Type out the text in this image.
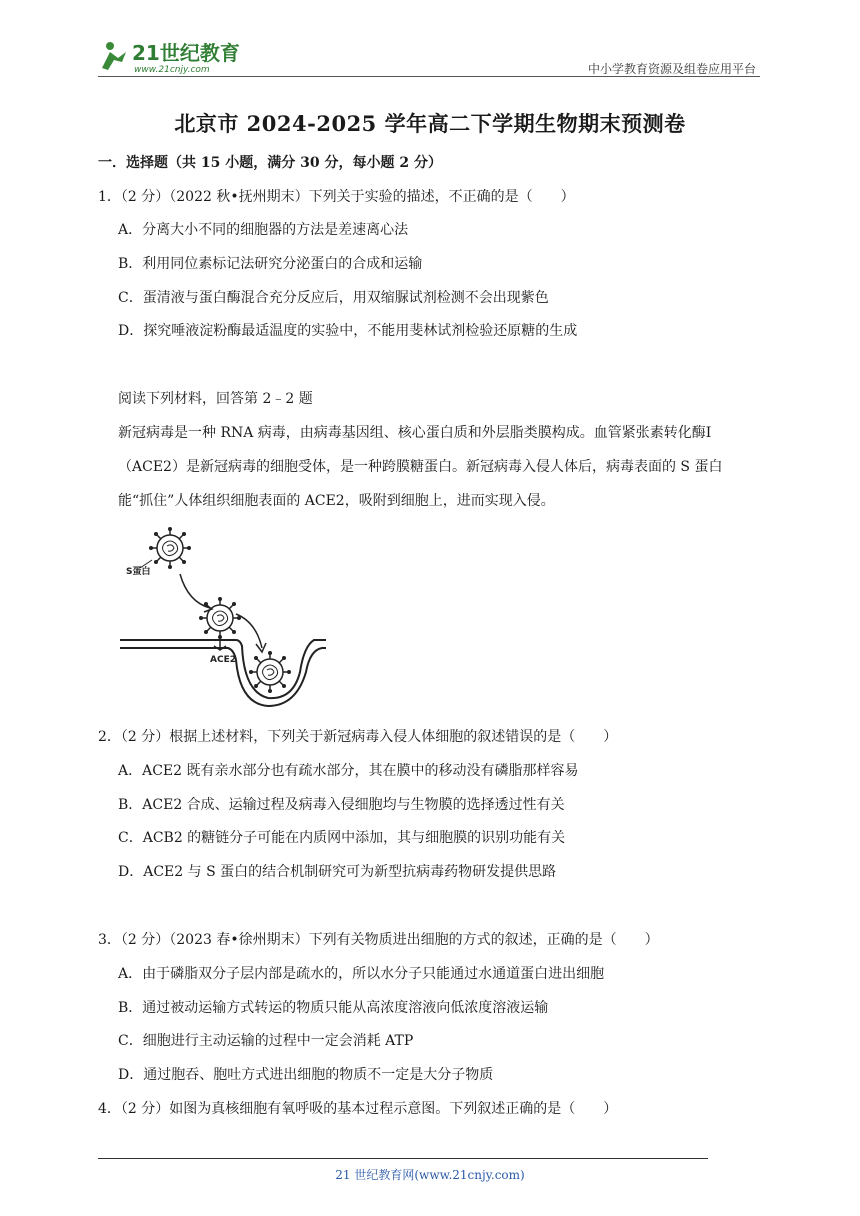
21世纪教育
www.21cnjy.com	中小学教育资源及组卷应用平台
北京市 2024-2025 学年高二下学期生物期末预测卷
一．选择题（共 15 小题，满分 30 分，每小题 2 分）
1．（2 分）（2022 秋•抚州期末）下列关于实验的描述，不正确的是（　　）
A．分离大小不同的细胞器的方法是差速离心法
B．利用同位素标记法研究分泌蛋白的合成和运输
C．蛋清液与蛋白酶混合充分反应后，用双缩脲试剂检测不会出现紫色
D．探究唾液淀粉酶最适温度的实验中，不能用斐林试剂检验还原糖的生成
阅读下列材料，回答第 2﹣2 题
新冠病毒是一种 RNA 病毒，由病毒基因组、核心蛋白质和外层脂类膜构成。血管紧张素转化酶Ⅰ
（ACE2）是新冠病毒的细胞受体，是一种跨膜糖蛋白。新冠病毒入侵人体后，病毒表面的 S 蛋白
能“抓住”人体组织细胞表面的 ACE2，吸附到细胞上，进而实现入侵。
S蛋白
ACE2
2．（2 分）根据上述材料，下列关于新冠病毒入侵人体细胞的叙述错误的是（　　）
A．ACE2 既有亲水部分也有疏水部分，其在膜中的移动没有磷脂那样容易
B．ACE2 合成、运输过程及病毒入侵细胞均与生物膜的选择透过性有关
C．ACB2 的糖链分子可能在内质网中添加，其与细胞膜的识别功能有关
D．ACE2 与 S 蛋白的结合机制研究可为新型抗病毒药物研发提供思路
3．（2 分）（2023 春•徐州期末）下列有关物质进出细胞的方式的叙述，正确的是（　　）
A．由于磷脂双分子层内部是疏水的，所以水分子只能通过水通道蛋白进出细胞
B．通过被动运输方式转运的物质只能从高浓度溶液向低浓度溶液运输
C．细胞进行主动运输的过程中一定会消耗 ATP
D．通过胞吞、胞吐方式进出细胞的物质不一定是大分子物质
4．（2 分）如图为真核细胞有氧呼吸的基本过程示意图。下列叙述正确的是（　　）
21 世纪教育网(www.21cnjy.com)
